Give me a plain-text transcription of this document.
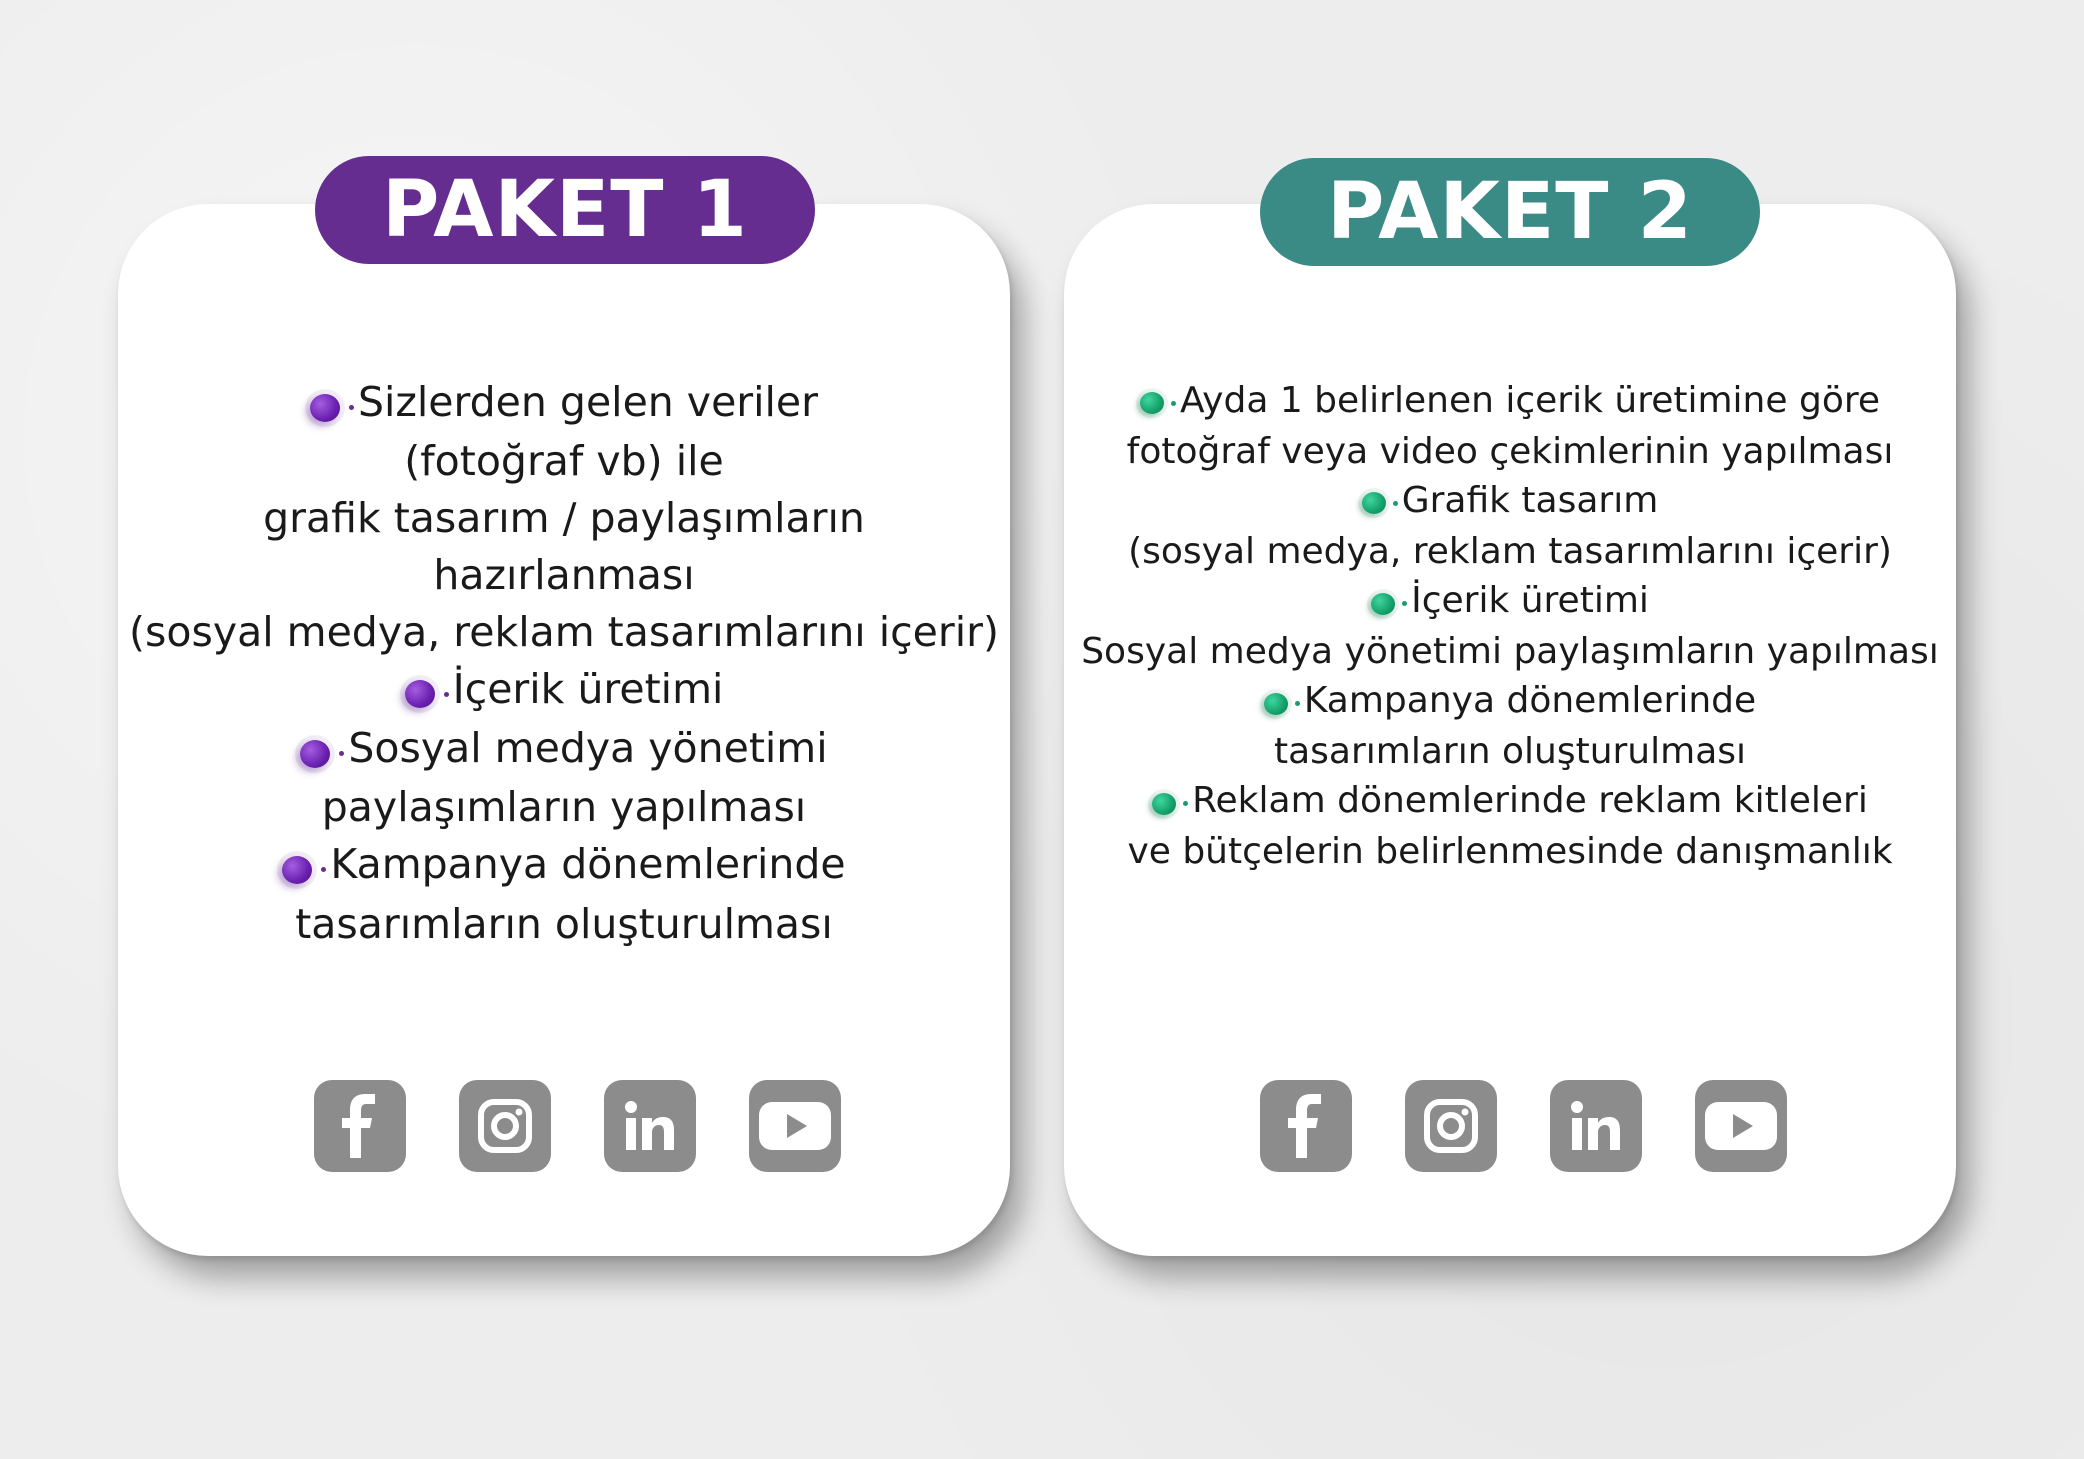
PAKET 1
Sizlerden gelen veriler
(fotoğraf vb) ile
grafik tasarım / paylaşımların
hazırlanması
(sosyal medya, reklam tasarımlarını içerir)
İçerik üretimi
Sosyal medya yönetimi
paylaşımların yapılması
Kampanya dönemlerinde
tasarımların oluşturulması
PAKET 2
Ayda 1 belirlenen içerik üretimine göre
fotoğraf veya video çekimlerinin yapılması
Grafik tasarım
(sosyal medya, reklam tasarımlarını içerir)
İçerik üretimi
Sosyal medya yönetimi paylaşımların yapılması
Kampanya dönemlerinde
tasarımların oluşturulması
Reklam dönemlerinde reklam kitleleri
ve bütçelerin belirlenmesinde danışmanlık
